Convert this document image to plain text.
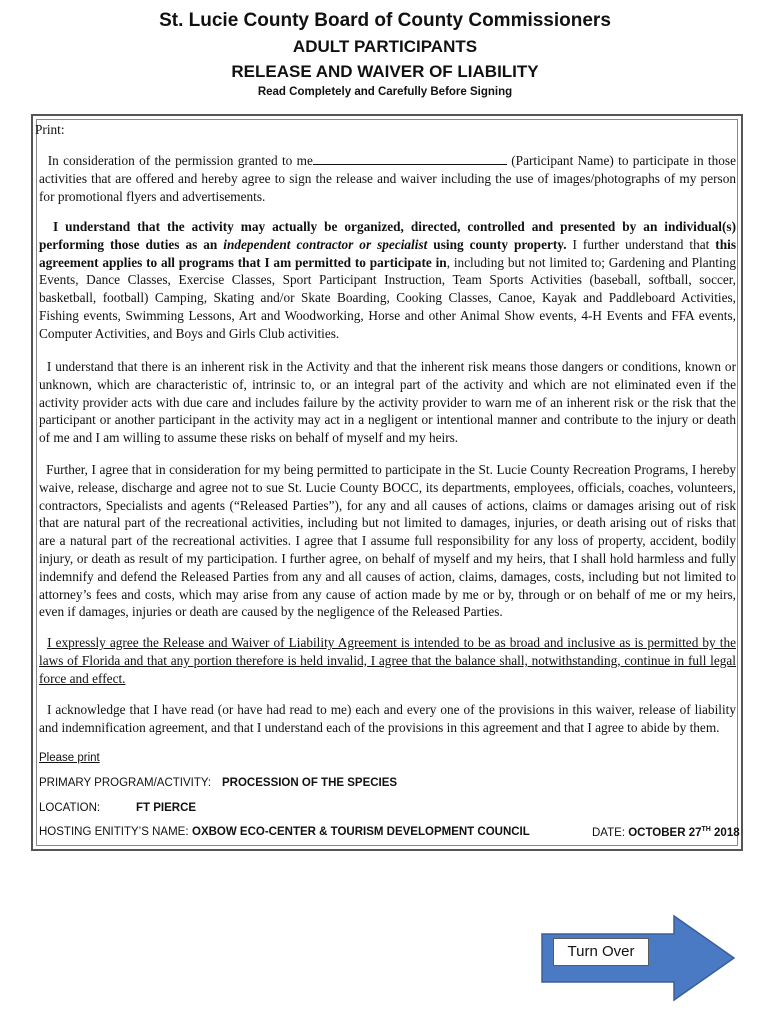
St. Lucie County Board of County Commissioners
ADULT PARTICIPANTS
RELEASE AND WAIVER OF LIABILITY
Read Completely and Carefully Before Signing
Print:
In consideration of the permission granted to me	(Participant Name) to participate in those activities that are offered and hereby agree to sign the release and waiver including the use of images/photographs of my person for promotional flyers and advertisements.
I understand that the activity may actually be organized, directed, controlled and presented by an individual(s) performing those duties as an independent contractor or specialist using county property. I further understand that this agreement applies to all programs that I am permitted to participate in, including but not limited to; Gardening and Planting Events, Dance Classes, Exercise Classes, Sport Participant Instruction, Team Sports Activities (baseball, softball, soccer, basketball, football) Camping, Skating and/or Skate Boarding, Cooking Classes, Canoe, Kayak and Paddleboard Activities, Fishing events, Swimming Lessons, Art and Woodworking, Horse and other Animal Show events, 4-H Events and FFA events, Computer Activities, and Boys and Girls Club activities.
I understand that there is an inherent risk in the Activity and that the inherent risk means those dangers or conditions, known or unknown, which are characteristic of, intrinsic to, or an integral part of the activity and which are not eliminated even if the activity provider acts with due care and includes failure by the activity provider to warn me of an inherent risk or the risk that the participant or another participant in the activity may act in a negligent or intentional manner and contribute to the injury or death of me and I am willing to assume these risks on behalf of myself and my heirs.
Further, I agree that in consideration for my being permitted to participate in the St. Lucie County Recreation Programs, I hereby waive, release, discharge and agree not to sue St. Lucie County BOCC, its departments, employees, officials, coaches, volunteers, contractors, Specialists and agents (“Released Parties”), for any and all causes of actions, claims or damages arising out of risk that are natural part of the recreational activities, including but not limited to damages, injuries, or death arising out of risks that are a natural part of the recreational activities. I agree that I assume full responsibility for any loss of property, accident, bodily injury, or death as result of my participation. I further agree, on behalf of myself and my heirs, that I shall hold harmless and fully indemnify and defend the Released Parties from any and all causes of action, claims, damages, costs, including but not limited to attorney’s fees and costs, which may arise from any cause of action made by me or by, through or on behalf of me or my heirs, even if damages, injuries or death are caused by the negligence of the Released Parties.
I expressly agree the Release and Waiver of Liability Agreement is intended to be as broad and inclusive as is permitted by the laws of Florida and that any portion therefore is held invalid, I agree that the balance shall, notwithstanding, continue in full legal force and effect.
I acknowledge that I have read (or have had read to me) each and every one of the provisions in this waiver, release of liability and indemnification agreement, and that I understand each of the provisions in this agreement and that I agree to abide by them.
Please print
PRIMARY PROGRAM/ACTIVITY: PROCESSION OF THE SPECIES
LOCATION:	FT PIERCE
HOSTING ENITITY’S NAME: OXBOW ECO-CENTER & TOURISM DEVELOPMENT COUNCIL	DATE: OCTOBER 27TH 2018
Turn Over
